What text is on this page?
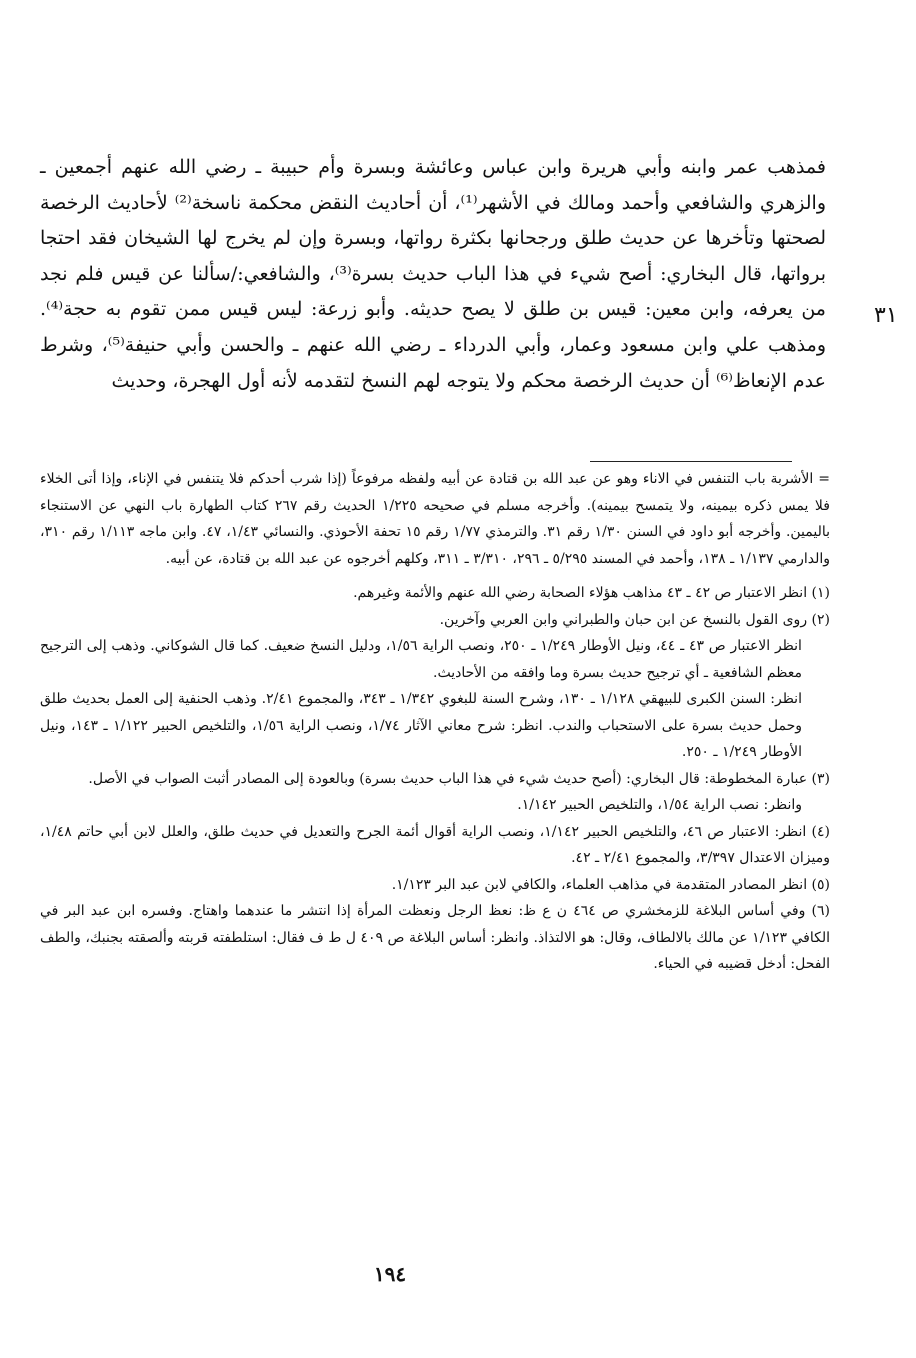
فمذهب عمر وابنه وأبي هريرة وابن عباس وعائشة وبسرة وأم حبيبة ـ رضي الله عنهم أجمعين ـ والزهري والشافعي وأحمد ومالك في الأشهر⁽¹⁾، أن أحاديث النقض محكمة ناسخة⁽²⁾ لأحاديث الرخصة لصحتها وتأخرها عن حديث طلق ورجحانها بكثرة رواتها، وبسرة وإن لم يخرج لها الشيخان فقد احتجا برواتها، قال البخاري: أصح شيء في هذا الباب حديث بسرة⁽³⁾، والشافعي:/سألنا عن قيس فلم نجد من يعرفه، وابن معين: قيس بن طلق لا يصح حديثه. وأبو زرعة: ليس قيس ممن تقوم به حجة⁽⁴⁾. ومذهب علي وابن مسعود وعمار، وأبي الدرداء ـ رضي الله عنهم ـ والحسن وأبي حنيفة⁽⁵⁾، وشرط عدم الإنعاظ⁽⁶⁾ أن حديث الرخصة محكم ولا يتوجه لهم النسخ لتقدمه لأنه أول الهجرة، وحديث

٣١

= الأشربة باب التنفس في الاناء وهو عن عبد الله بن قتادة عن أبيه ولفظه مرفوعاً (إذا شرب أحدكم فلا يتنفس في الإناء، وإذا أتى الخلاء فلا يمس ذكره بيمينه، ولا يتمسح بيمينه). وأخرجه مسلم في صحيحه ١/٢٢٥ الحديث رقم ٢٦٧ كتاب الطهارة باب النهي عن الاستنجاء باليمين. وأخرجه أبو داود في السنن ١/٣٠ رقم ٣١. والترمذي ١/٧٧ رقم ١٥ تحفة الأحوذي. والنسائي ١/٤٣، ٤٧. وابن ماجه ١/١١٣ رقم ٣١٠، والدارمي ١/١٣٧ ـ ١٣٨، وأحمد في المسند ٥/٢٩٥ ـ ٢٩٦، ٣/٣١٠ ـ ٣١١، وكلهم أخرجوه عن عبد الله بن قتادة، عن أبيه.

(١) انظر الاعتبار ص ٤٢ ـ ٤٣ مذاهب هؤلاء الصحابة رضي الله عنهم والأئمة وغيرهم.

(٢) روى القول بالنسخ عن ابن حبان والطبراني وابن العربي وآخرين.

انظر الاعتبار ص ٤٣ ـ ٤٤، ونيل الأوطار ١/٢٤٩ ـ ٢٥٠، ونصب الراية ١/٥٦، ودليل النسخ ضعيف. كما قال الشوكاني. وذهب إلى الترجيح معظم الشافعية ـ أي ترجيح حديث بسرة وما وافقه من الأحاديث.

انظر: السنن الكبرى للبيهقي ١/١٢٨ ـ ١٣٠، وشرح السنة للبغوي ١/٣٤٢ ـ ٣٤٣، والمجموع ٢/٤١. وذهب الحنفية إلى العمل بحديث طلق وحمل حديث بسرة على الاستحباب والندب. انظر: شرح معاني الآثار ١/٧٤، ونصب الراية ١/٥٦، والتلخيص الحبير ١/١٢٢ ـ ١٤٣، ونيل الأوطار ١/٢٤٩ ـ ٢٥٠.

(٣) عبارة المخطوطة: قال البخاري: (أصح حديث شيء في هذا الباب حديث بسرة) وبالعودة إلى المصادر أثبت الصواب في الأصل.

وانظر: نصب الراية ١/٥٤، والتلخيص الحبير ١/١٤٢.

(٤) انظر: الاعتبار ص ٤٦، والتلخيص الحبير ١/١٤٢، ونصب الراية أقوال أئمة الجرح والتعديل في حديث طلق، والعلل لابن أبي حاتم ١/٤٨، وميزان الاعتدال ٣/٣٩٧، والمجموع ٢/٤١ ـ ٤٢.

(٥) انظر المصادر المتقدمة في مذاهب العلماء، والكافي لابن عبد البر ١/١٢٣.

(٦) وفي أساس البلاغة للزمخشري ص ٤٦٤ ن ع ظ: نعظ الرجل ونعظت المرأة إذا انتشر ما عندهما واهتاج. وفسره ابن عبد البر في الكافي ١/١٢٣ عن مالك بالالطاف، وقال: هو الالتذاذ. وانظر: أساس البلاغة ص ٤٠٩ ل ط ف فقال: استلطفته قربته وألصقته بجنبك، والطف الفحل: أدخل قضيبه في الحياء.

١٩٤
